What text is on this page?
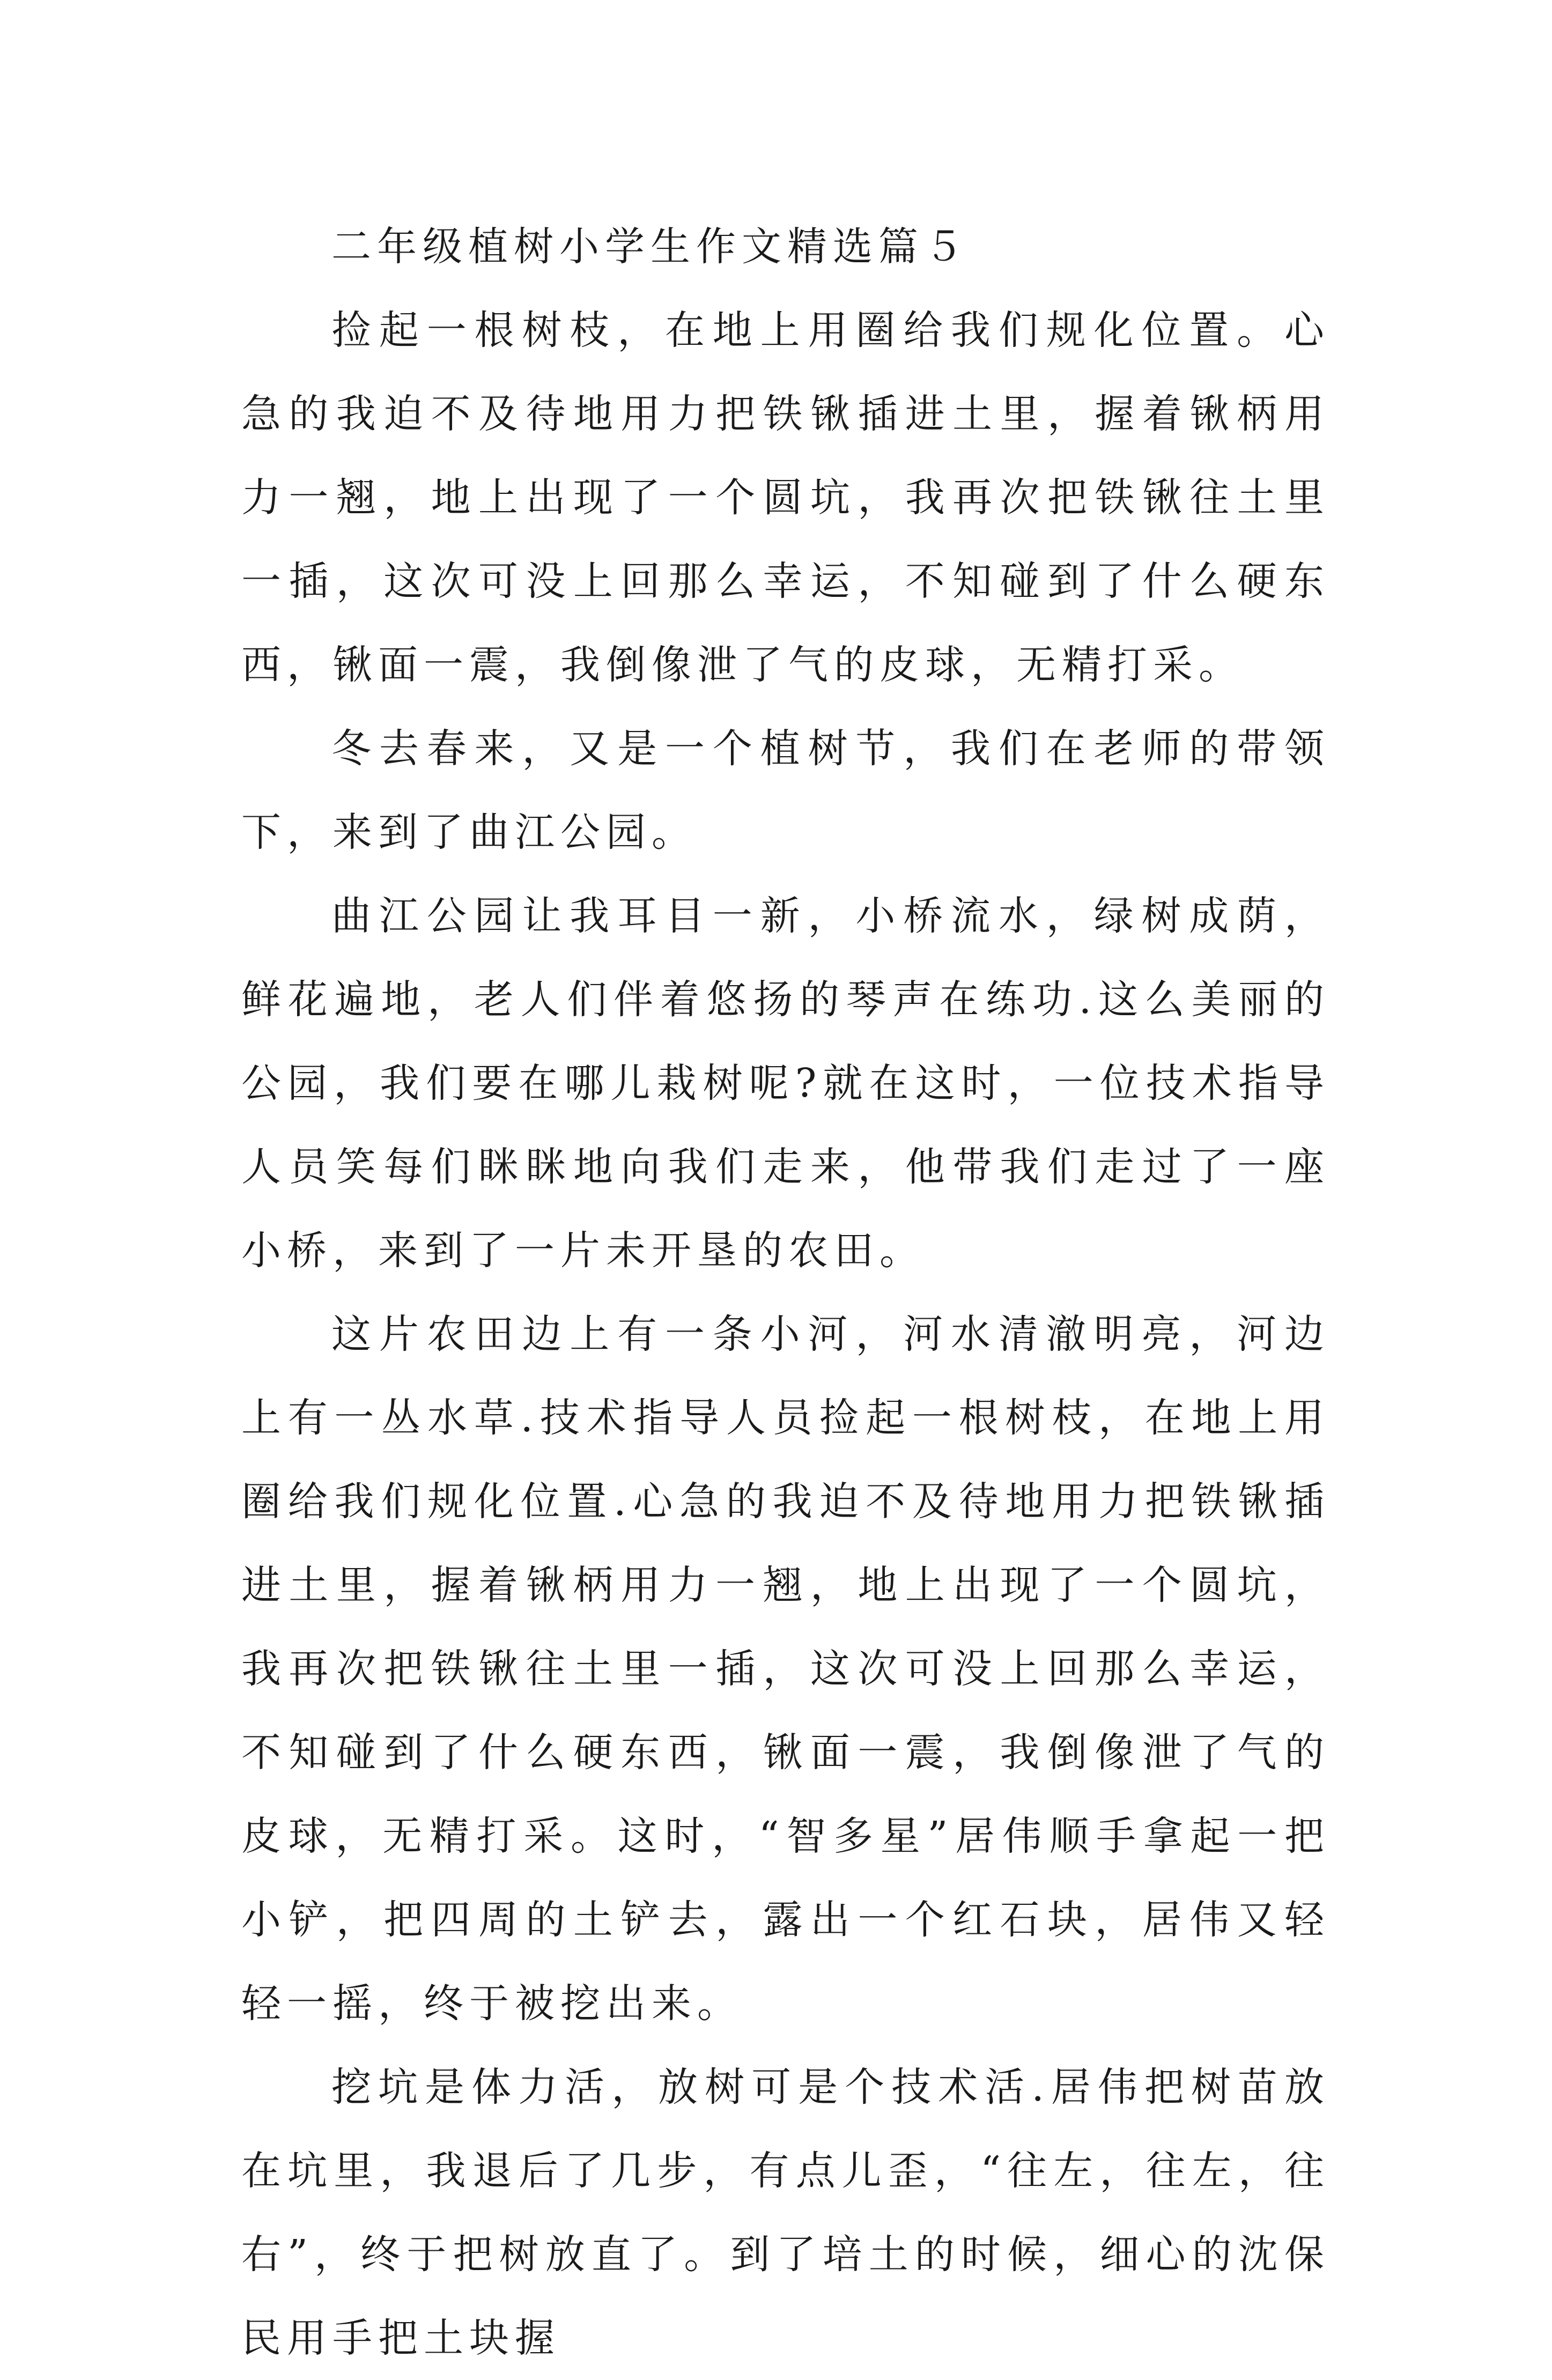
二年级植树小学生作文精选篇５

捡起一根树枝，在地上用圈给我们规化位置。心急的我迫不及待地用力把铁锹插进土里，握着锹柄用力一翘，地上出现了一个圆坑，我再次把铁锹往土里一插，这次可没上回那么幸运，不知碰到了什么硬东西，锹面一震，我倒像泄了气的皮球，无精打采。

冬去春来，又是一个植树节，我们在老师的带领下，来到了曲江公园。

曲江公园让我耳目一新，小桥流水，绿树成荫，鲜花遍地，老人们伴着悠扬的琴声在练功.这么美丽的公园，我们要在哪儿栽树呢?就在这时，一位技术指导人员笑每们眯眯地向我们走来，他带我们走过了一座小桥，来到了一片未开垦的农田。

这片农田边上有一条小河，河水清澈明亮，河边上有一丛水草.技术指导人员捡起一根树枝，在地上用圈给我们规化位置.心急的我迫不及待地用力把铁锹插进土里，握着锹柄用力一翘，地上出现了一个圆坑，我再次把铁锹往土里一插，这次可没上回那么幸运，不知碰到了什么硬东西，锹面一震，我倒像泄了气的皮球，无精打采。这时，“智多星”居伟顺手拿起一把小铲，把四周的土铲去，露出一个红石块，居伟又轻轻一摇，终于被挖出来。

挖坑是体力活，放树可是个技术活.居伟把树苗放在坑里，我退后了几步，有点儿歪，“往左，往左，往右”，终于把树放直了。到了培土的时候，细心的沈保民用手把土块握
